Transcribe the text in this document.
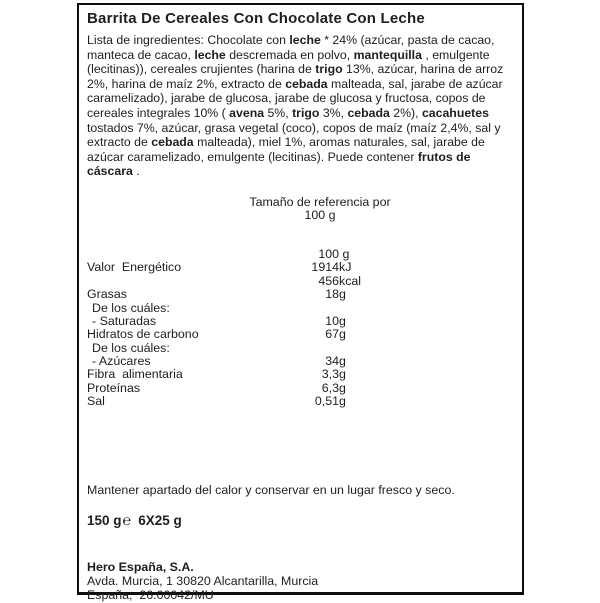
Barrita De Cereales Con Chocolate Con Leche

Lista de ingredientes: Chocolate con leche * 24% (azúcar, pasta de cacao, manteca de cacao, leche descremada en polvo, mantequilla , emulgente (lecitinas)), cereales crujientes (harina de trigo 13%, azúcar, harina de arroz 2%, harina de maíz 2%, extracto de cebada malteada, sal, jarabe de azúcar caramelizado), jarabe de glucosa, jarabe de glucosa y fructosa, copos de cereales integrales 10% ( avena 5%, trigo 3%, cebada 2%), cacahuetes tostados 7%, azúcar, grasa vegetal (coco), copos de maíz (maíz 2,4%, sal y extracto de cebada malteada), miel 1%, aromas naturales, sal, jarabe de azúcar caramelizado, emulgente (lecitinas). Puede contener frutos de cáscara .

Tamaño de referencia por
100 g
100 g
Valor  Energético	1914 kJ
456 kcal
Grasas	18 g
De los cuáles:
- Saturadas	10 g
Hidratos de carbono	67 g
De los cuáles:
- Azúcares	34 g
Fibra  alimentaria	3,3 g
Proteínas	6,3 g
Sal	0,51 g

Mantener apartado del calor y conservar en un lugar fresco y seco.

150 g℮ 6X25 g

Hero España, S.A.
Avda. Murcia, 1 30820 Alcantarilla, Murcia
España,  26.00042/MU
